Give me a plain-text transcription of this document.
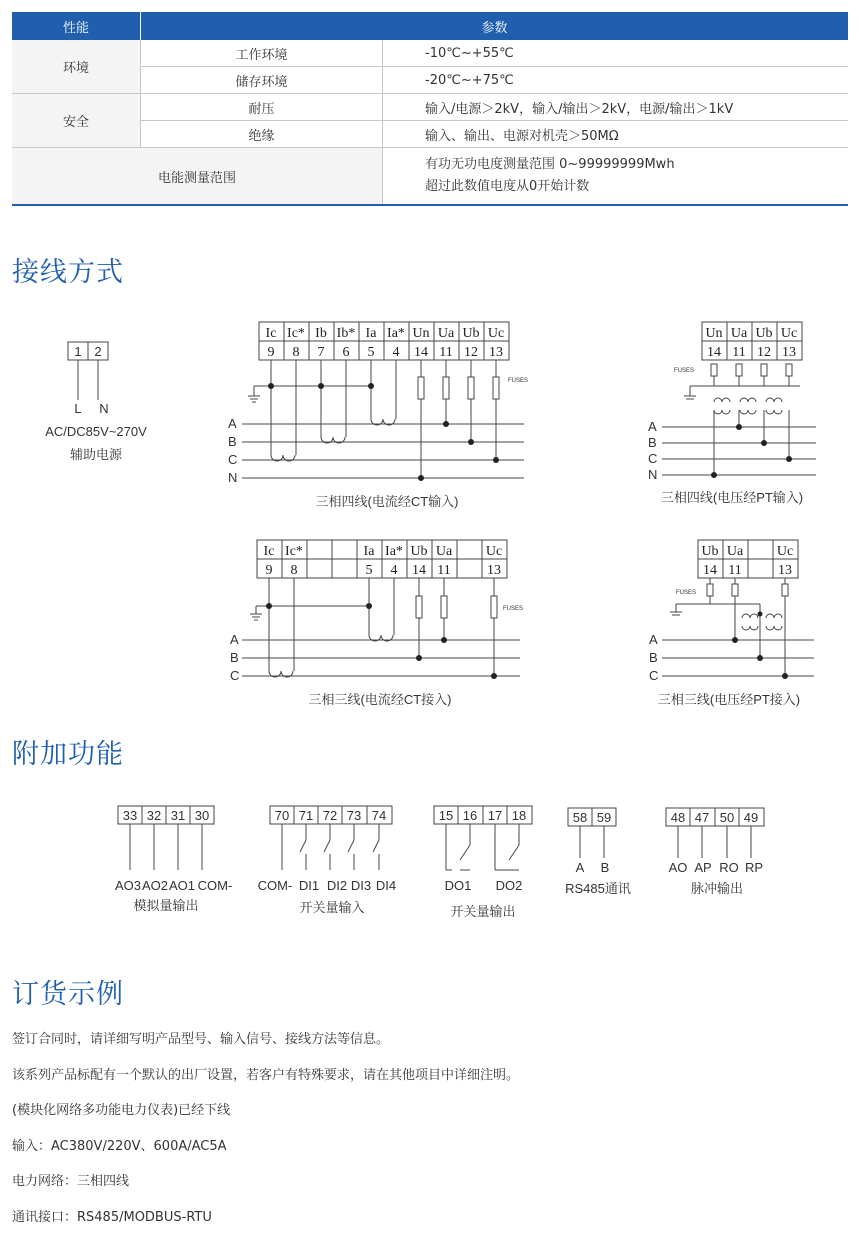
性能	参数	
环境	工作环境	-10℃~+55℃
	储存环境	-20℃~+75℃
安全	耐压	输入/电源＞2kV，输入/输出＞2kV，电源/输出＞1kV
	绝缘	输入、输出、电源对机壳＞50MΩ
电能测量范围		有功无功电度测量范围 0~99999999Mwh
超过此数值电度从0开始计数
接线方式
附加功能
订货示例
1 2
L N
AC/DC85V~270V
辅助电源
Ic Ic* Ib Ib* Ia Ia* Un Ua Ub Uc
9 8 7 6 5 4 14 11 12 13
A
B
C
N
FUSES
三相四线(电流经CT输入)
Un Ua Ub Uc
14 11 12 13
A
B
C
N
FUSES
三相四线(电压经PT输入)
Ic Ic*	Ia Ia* Ub Ua Uc
9 8	5 4 14 11	13
A
B
C
FUSES
三相三线(电流经CT接入)
Ub Ua Uc
14 11	13
A
B
C
FUSES
三相三线(电压经PT接入)
33 32 31 30
AO3 AO2 AO1 COM-
模拟量输出
70 71 72 73 74
COM- DI1 DI2 DI3 DI4
开关量输入
15 16 17 18
DO1 DO2
开关量输出
58 59
A B
RS485通讯
48 47 50 49
AO AP RO RP
脉冲输出

签订合同时，请详细写明产品型号、输入信号、接线方法等信息。

该系列产品标配有一个默认的出厂设置，若客户有特殊要求，请在其他项目中详细注明。

(模块化网络多功能电力仪表)已经下线

输入：AC380V/220V、600A/AC5A

电力网络：三相四线

通讯接口：RS485/MODBUS-RTU
